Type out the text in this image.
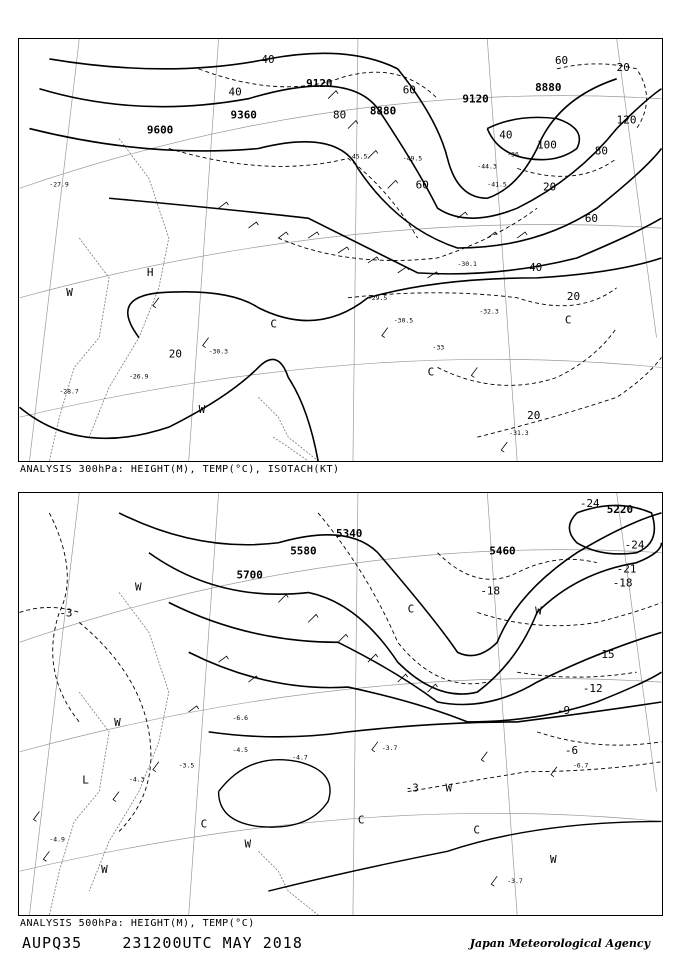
9600
9360
9120
8880
9120
8880
40
40	60
80
60
40
20
20
60
100
120
80
60
20
40
20
20
-29.5
-30.1
-30.5
-32.3
-31.3
-27.9
-28.7
-30.3
-26.9
-44.3
-45.5	-49.5
-41.5
-33
-36
H
C
C
C
W
W
ANALYSIS 300hPa: HEIGHT(M), TEMP(°C), ISOTACH(KT)
5580
5700
5460
5220
5340
-3
-3
-6
-9
-12
-15
-18
-18
-21
-24
-24
-3.7
-4.7
-4.5
-6.7
-6.6
-3.5
-4.3
-4.9
-3.7
W
L
C
C	C
C
W
W
W
W
W
W
ANALYSIS 500hPa: HEIGHT(M), TEMP(°C)
AUPQ35	231200UTC MAY 2018	Japan Meteorological Agency
